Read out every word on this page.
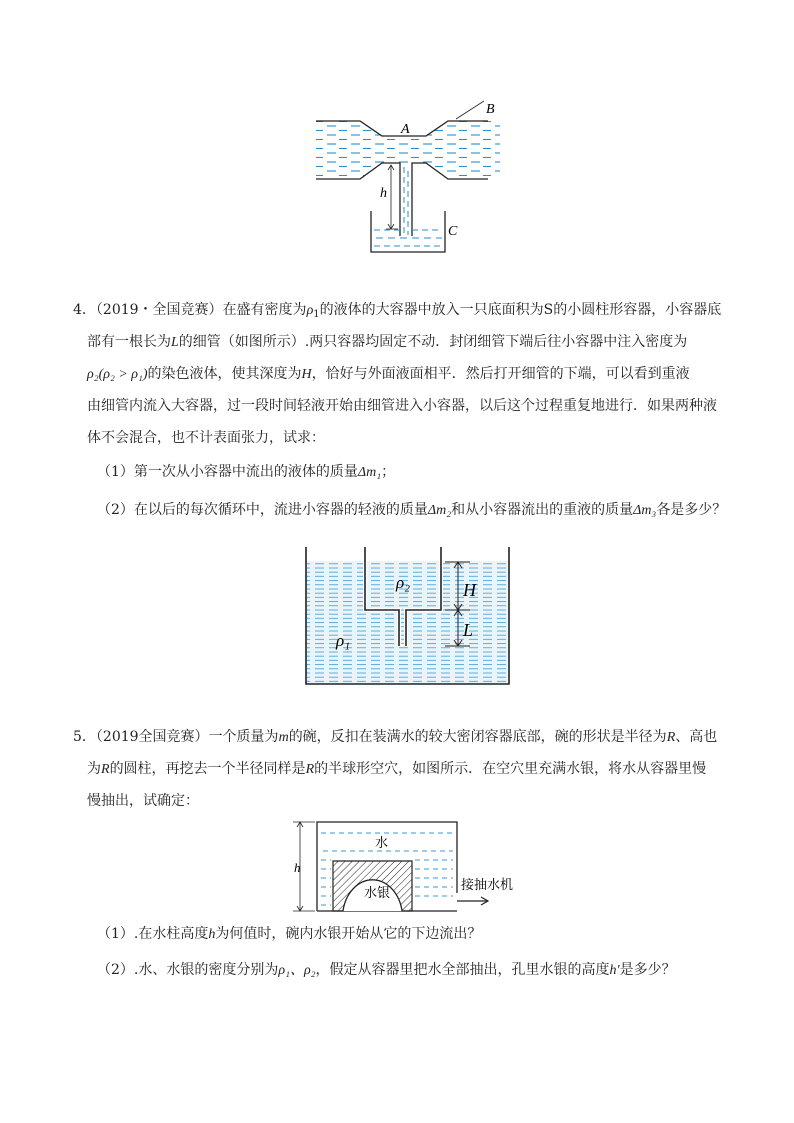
A
B
C
h
4．（2019・全国竞赛）在盛有密度为$\rho_1$的液体的大容器中放入一只底面积为S的小圆柱形容器，小容器底
部有一根长为L的细管（如图所示）.两只容器均固定不动．封闭细管下端后往小容器中注入密度为
ρ₂(ρ₂ > ρ₁)的染色液体，使其深度为H，恰好与外面液面相平．然后打开细管的下端，可以看到重液
由细管内流入大容器，过一段时间轻液开始由细管进入小容器，以后这个过程重复地进行．如果两种液
体不会混合，也不计表面张力，试求：
（1）第一次从小容器中流出的液体的质量Δm₁；
（2）在以后的每次循环中，流进小容器的轻液的质量Δm₂和从小容器流出的重液的质量Δm₃各是多少？
ρ₂
ρ₁
H
L
5．（2019全国竞赛）一个质量为m的碗，反扣在装满水的较大密闭容器底部，碗的形状是半径为R、高也
为R的圆柱，再挖去一个半径同样是R的半球形空穴，如图所示．在空穴里充满水银，将水从容器里慢
慢抽出，试确定：
水
水银
接抽水机
h
（1）.在水柱高度h为何值时，碗内水银开始从它的下边流出？
（2）.水、水银的密度分别为ρ₁、ρ₂，假定从容器里把水全部抽出，孔里水银的高度h′是多少？
